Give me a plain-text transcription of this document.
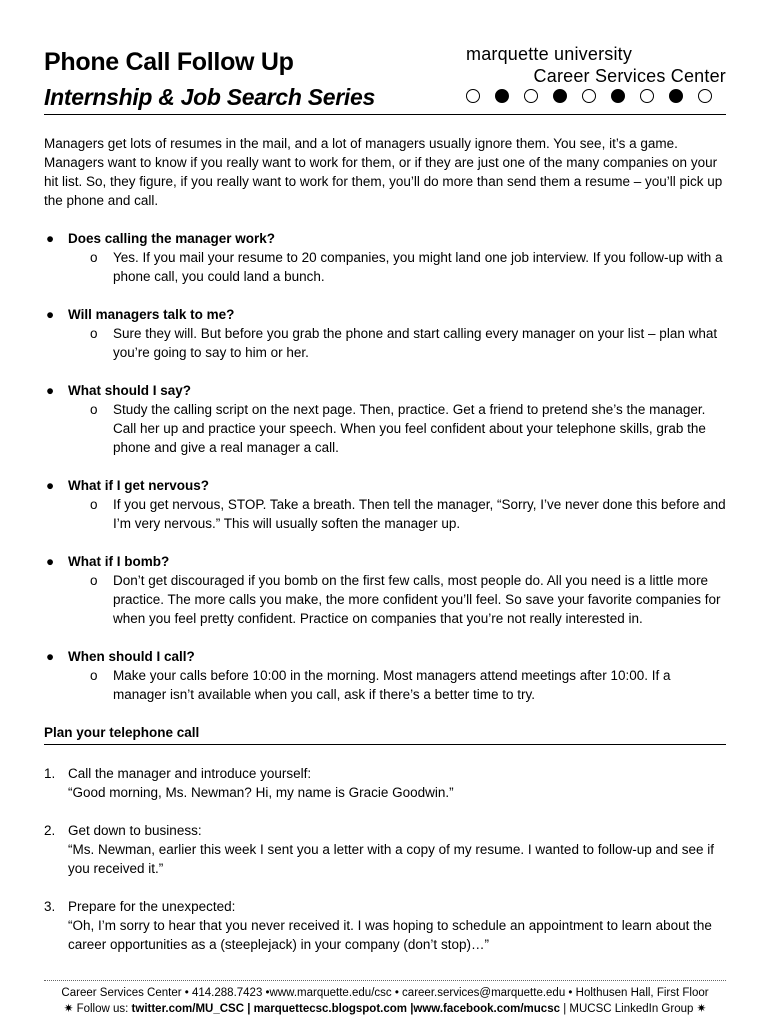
Phone Call Follow Up
Internship & Job Search Series
marquette university
Career Services Center

Managers get lots of resumes in the mail, and a lot of managers usually ignore them. You see, it’s a game. Managers want to know if you really want to work for them, or if they are just one of the many companies on your hit list. So, they figure, if you really want to work for them, you’ll do more than send them a resume – you’ll pick up the phone and call.

● Does calling the manager work?
o Yes. If you mail your resume to 20 companies, you might land one job interview. If you follow-up with a phone call, you could land a bunch.
● Will managers talk to me?
o Sure they will. But before you grab the phone and start calling every manager on your list – plan what you’re going to say to him or her.
● What should I say?
o Study the calling script on the next page. Then, practice. Get a friend to pretend she’s the manager. Call her up and practice your speech. When you feel confident about your telephone skills, grab the phone and give a real manager a call.
● What if I get nervous?
o If you get nervous, STOP. Take a breath. Then tell the manager, “Sorry, I’ve never done this before and I’m very nervous.” This will usually soften the manager up.
● What if I bomb?
o Don’t get discouraged if you bomb on the first few calls, most people do. All you need is a little more practice. The more calls you make, the more confident you’ll feel. So save your favorite companies for when you feel pretty confident. Practice on companies that you’re not really interested in.
● When should I call?
o Make your calls before 10:00 in the morning. Most managers attend meetings after 10:00. If a manager isn’t available when you call, ask if there’s a better time to try.

Plan your telephone call

1. Call the manager and introduce yourself:
“Good morning, Ms. Newman? Hi, my name is Gracie Goodwin.”
2. Get down to business:
“Ms. Newman, earlier this week I sent you a letter with a copy of my resume. I wanted to follow-up and see if you received it.”
3. Prepare for the unexpected:
“Oh, I’m sorry to hear that you never received it. I was hoping to schedule an appointment to learn about the career opportunities as a (steeplejack) in your company (don’t stop)…”
Career Services Center • 414.288.7423 •www.marquette.edu/csc • career.services@marquette.edu • Holthusen Hall, First Floor
✷ Follow us: twitter.com/MU_CSC | marquettecsc.blogspot.com |www.facebook.com/mucsc | MUCSC LinkedIn Group ✷
